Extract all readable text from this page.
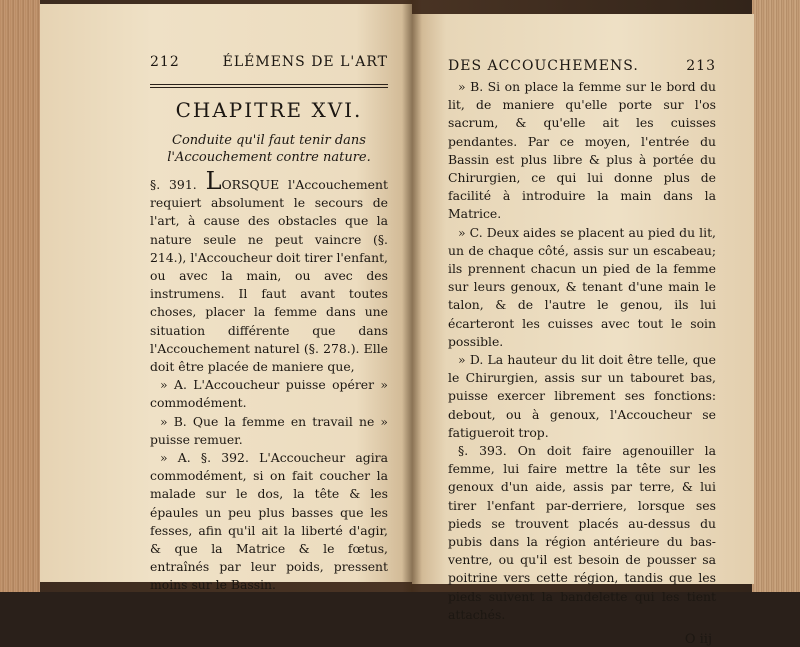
212	ÉLÉMENS DE L'ART
CHAPITRE XVI.
Conduite qu'il faut tenir dans l'Accouchement contre nature.

§. 391. LORSQUE l'Accouchement requiert absolument le secours de l'art, à cause des obstacles que la nature seule ne peut vaincre (§. 214.), l'Accoucheur doit tirer l'enfant, ou avec la main, ou avec des instrumens. Il faut avant toutes choses, placer la femme dans une situation différente que dans l'Accouchement naturel (§. 278.). Elle doit être placée de maniere que,

» A. L'Accoucheur puisse opérer » commodément.

» B. Que la femme en travail ne » puisse remuer.

» A. §. 392. L'Accoucheur agira commodément, si on fait coucher la malade sur le dos, la tête & les épaules un peu plus basses que les fesses, afin qu'il ait la liberté d'agir, & que la Matrice & le fœtus, entraînés par leur poids, pressent moins sur le Bassin.

DES ACCOUCHEMENS.	213

» B. Si on place la femme sur le bord du lit, de maniere qu'elle porte sur l'os sacrum, & qu'elle ait les cuisses pendantes. Par ce moyen, l'entrée du Bassin est plus libre & plus à portée du Chirurgien, ce qui lui donne plus de facilité à introduire la main dans la Matrice.

» C. Deux aides se placent au pied du lit, un de chaque côté, assis sur un escabeau; ils prennent chacun un pied de la femme sur leurs genoux, & tenant d'une main le talon, & de l'autre le genou, ils lui écarteront les cuisses avec tout le soin possible.

» D. La hauteur du lit doit être telle, que le Chirurgien, assis sur un tabouret bas, puisse exercer librement ses fonctions: debout, ou à genoux, l'Accoucheur se fatigueroit trop.

§. 393. On doit faire agenouiller la femme, lui faire mettre la tête sur les genoux d'un aide, assis par terre, & lui tirer l'enfant par-derriere, lorsque ses pieds se trouvent placés au-dessus du pubis dans la région antérieure du bas-ventre, ou qu'il est besoin de pousser sa poitrine vers cette région, tandis que les pieds suivent la bandelette qui les tient attachés.

O iij
